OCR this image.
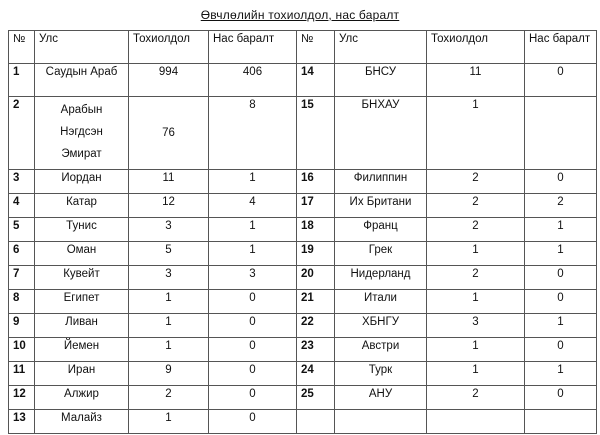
Өвчлөлийн тохиолдол, нас баралт
№	Улс	Тохиолдол	Нас баралт	№	Улс	Тохиолдол	Нас баралт
1	Саудын Араб	994	406	14	БНСУ	11	0
2	Арабын Нэгдсэн Эмират	76	8	15	БНХАУ	1	
3	Иордан	11	1	16	Филиппин	2	0
4	Катар	12	4	17	Их Британи	2	2
5	Тунис	3	1	18	Франц	2	1
6	Оман	5	1	19	Грек	1	1
7	Кувейт	3	3	20	Нидерланд	2	0
8	Египет	1	0	21	Итали	1	0
9	Ливан	1	0	22	ХБНГУ	3	1
10	Йемен	1	0	23	Австри	1	0
11	Иран	9	0	24	Турк	1	1
12	Алжир	2	0	25	АНУ	2	0
13	Малайз	1	0				
